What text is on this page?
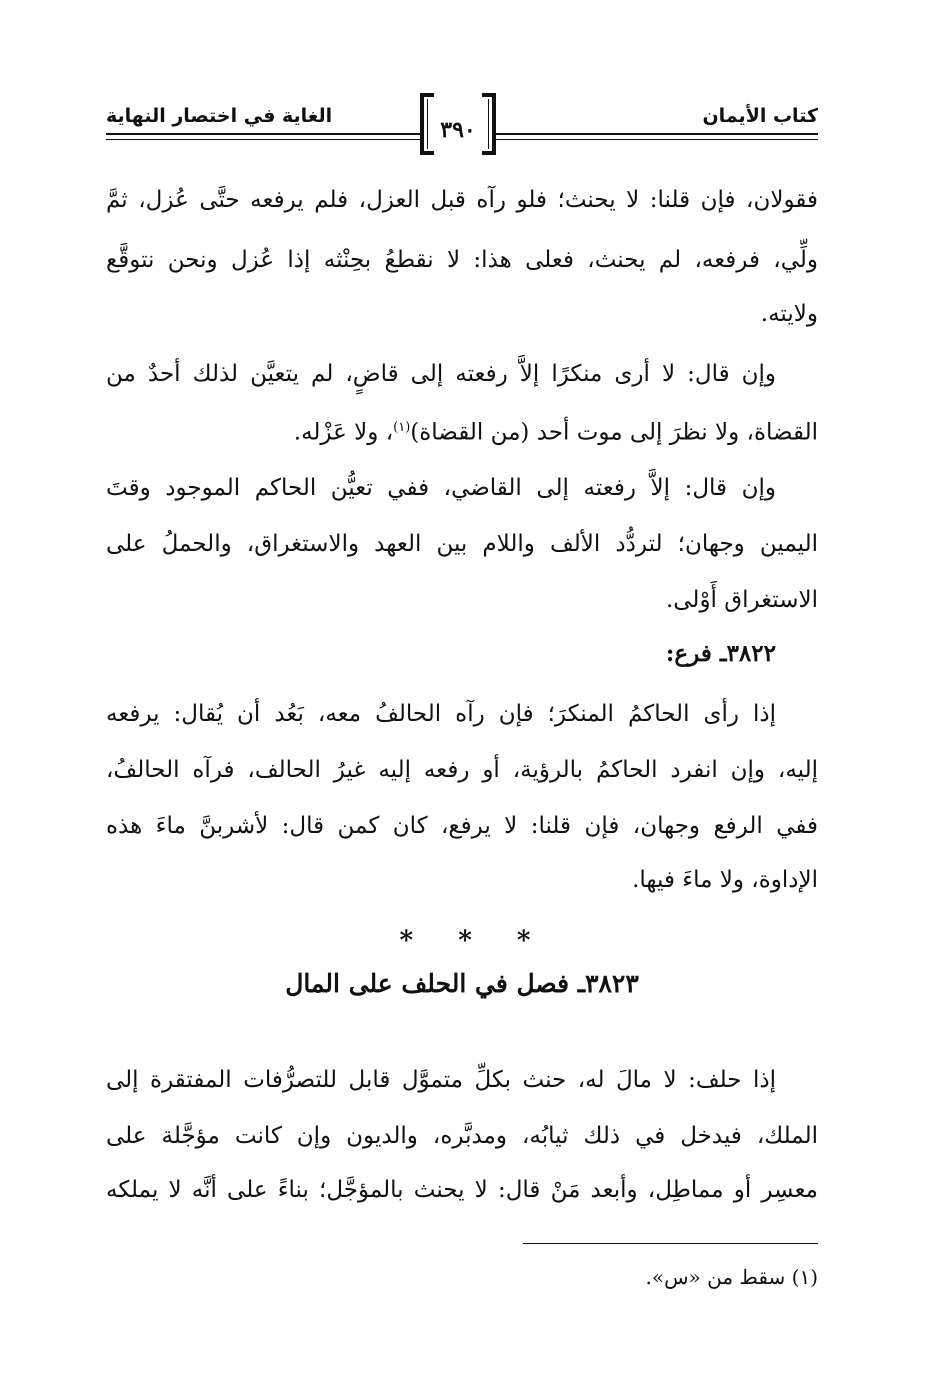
كتاب الأيمان
الغاية في اختصار النهاية
٣٩٠
فقولان، فإن قلنا: لا يحنث؛ فلو رآه قبل العزل، فلم يرفعه حتَّى عُزل، ثمَّ
ولِّي، فرفعه، لم يحنث، فعلى هذا: لا نقطعُ بحِنْثه إذا عُزل ونحن نتوقَّع
ولايته.
وإن قال: لا أرى منكرًا إلاَّ رفعته إلى قاضٍ، لم يتعيَّن لذلك أحدٌ من
القضاة، ولا نظرَ إلى موت أحد (من القضاة)$^{(١)}$، ولا عَزْله.
وإن قال: إلاَّ رفعته إلى القاضي، ففي تعيُّن الحاكم الموجود وقتَ
اليمين وجهان؛ لتردُّد الألف واللام بين العهد والاستغراق، والحملُ على
الاستغراق أَوْلى.
٣٨٢٢ـ فرع:
إذا رأى الحاكمُ المنكرَ؛ فإن رآه الحالفُ معه، بَعُد أن يُقال: يرفعه
إليه، وإن انفرد الحاكمُ بالرؤية، أو رفعه إليه غيرُ الحالف، فرآه الحالفُ،
ففي الرفع وجهان، فإن قلنا: لا يرفع، كان كمن قال: لأشربنَّ ماءَ هذه
الإداوة، ولا ماءَ فيها.
* * *
٣٨٢٣ـ فصل في الحلف على المال
إذا حلف: لا مالَ له، حنث بكلِّ متموَّل قابل للتصرُّفات المفتقرة إلى
الملك، فيدخل في ذلك ثيابُه، ومدبَّره، والديون وإن كانت مؤجَّلة على
معسِر أو مماطِل، وأبعد مَنْ قال: لا يحنث بالمؤجَّل؛ بناءً على أنَّه لا يملكه
(١) سقط من «س».
